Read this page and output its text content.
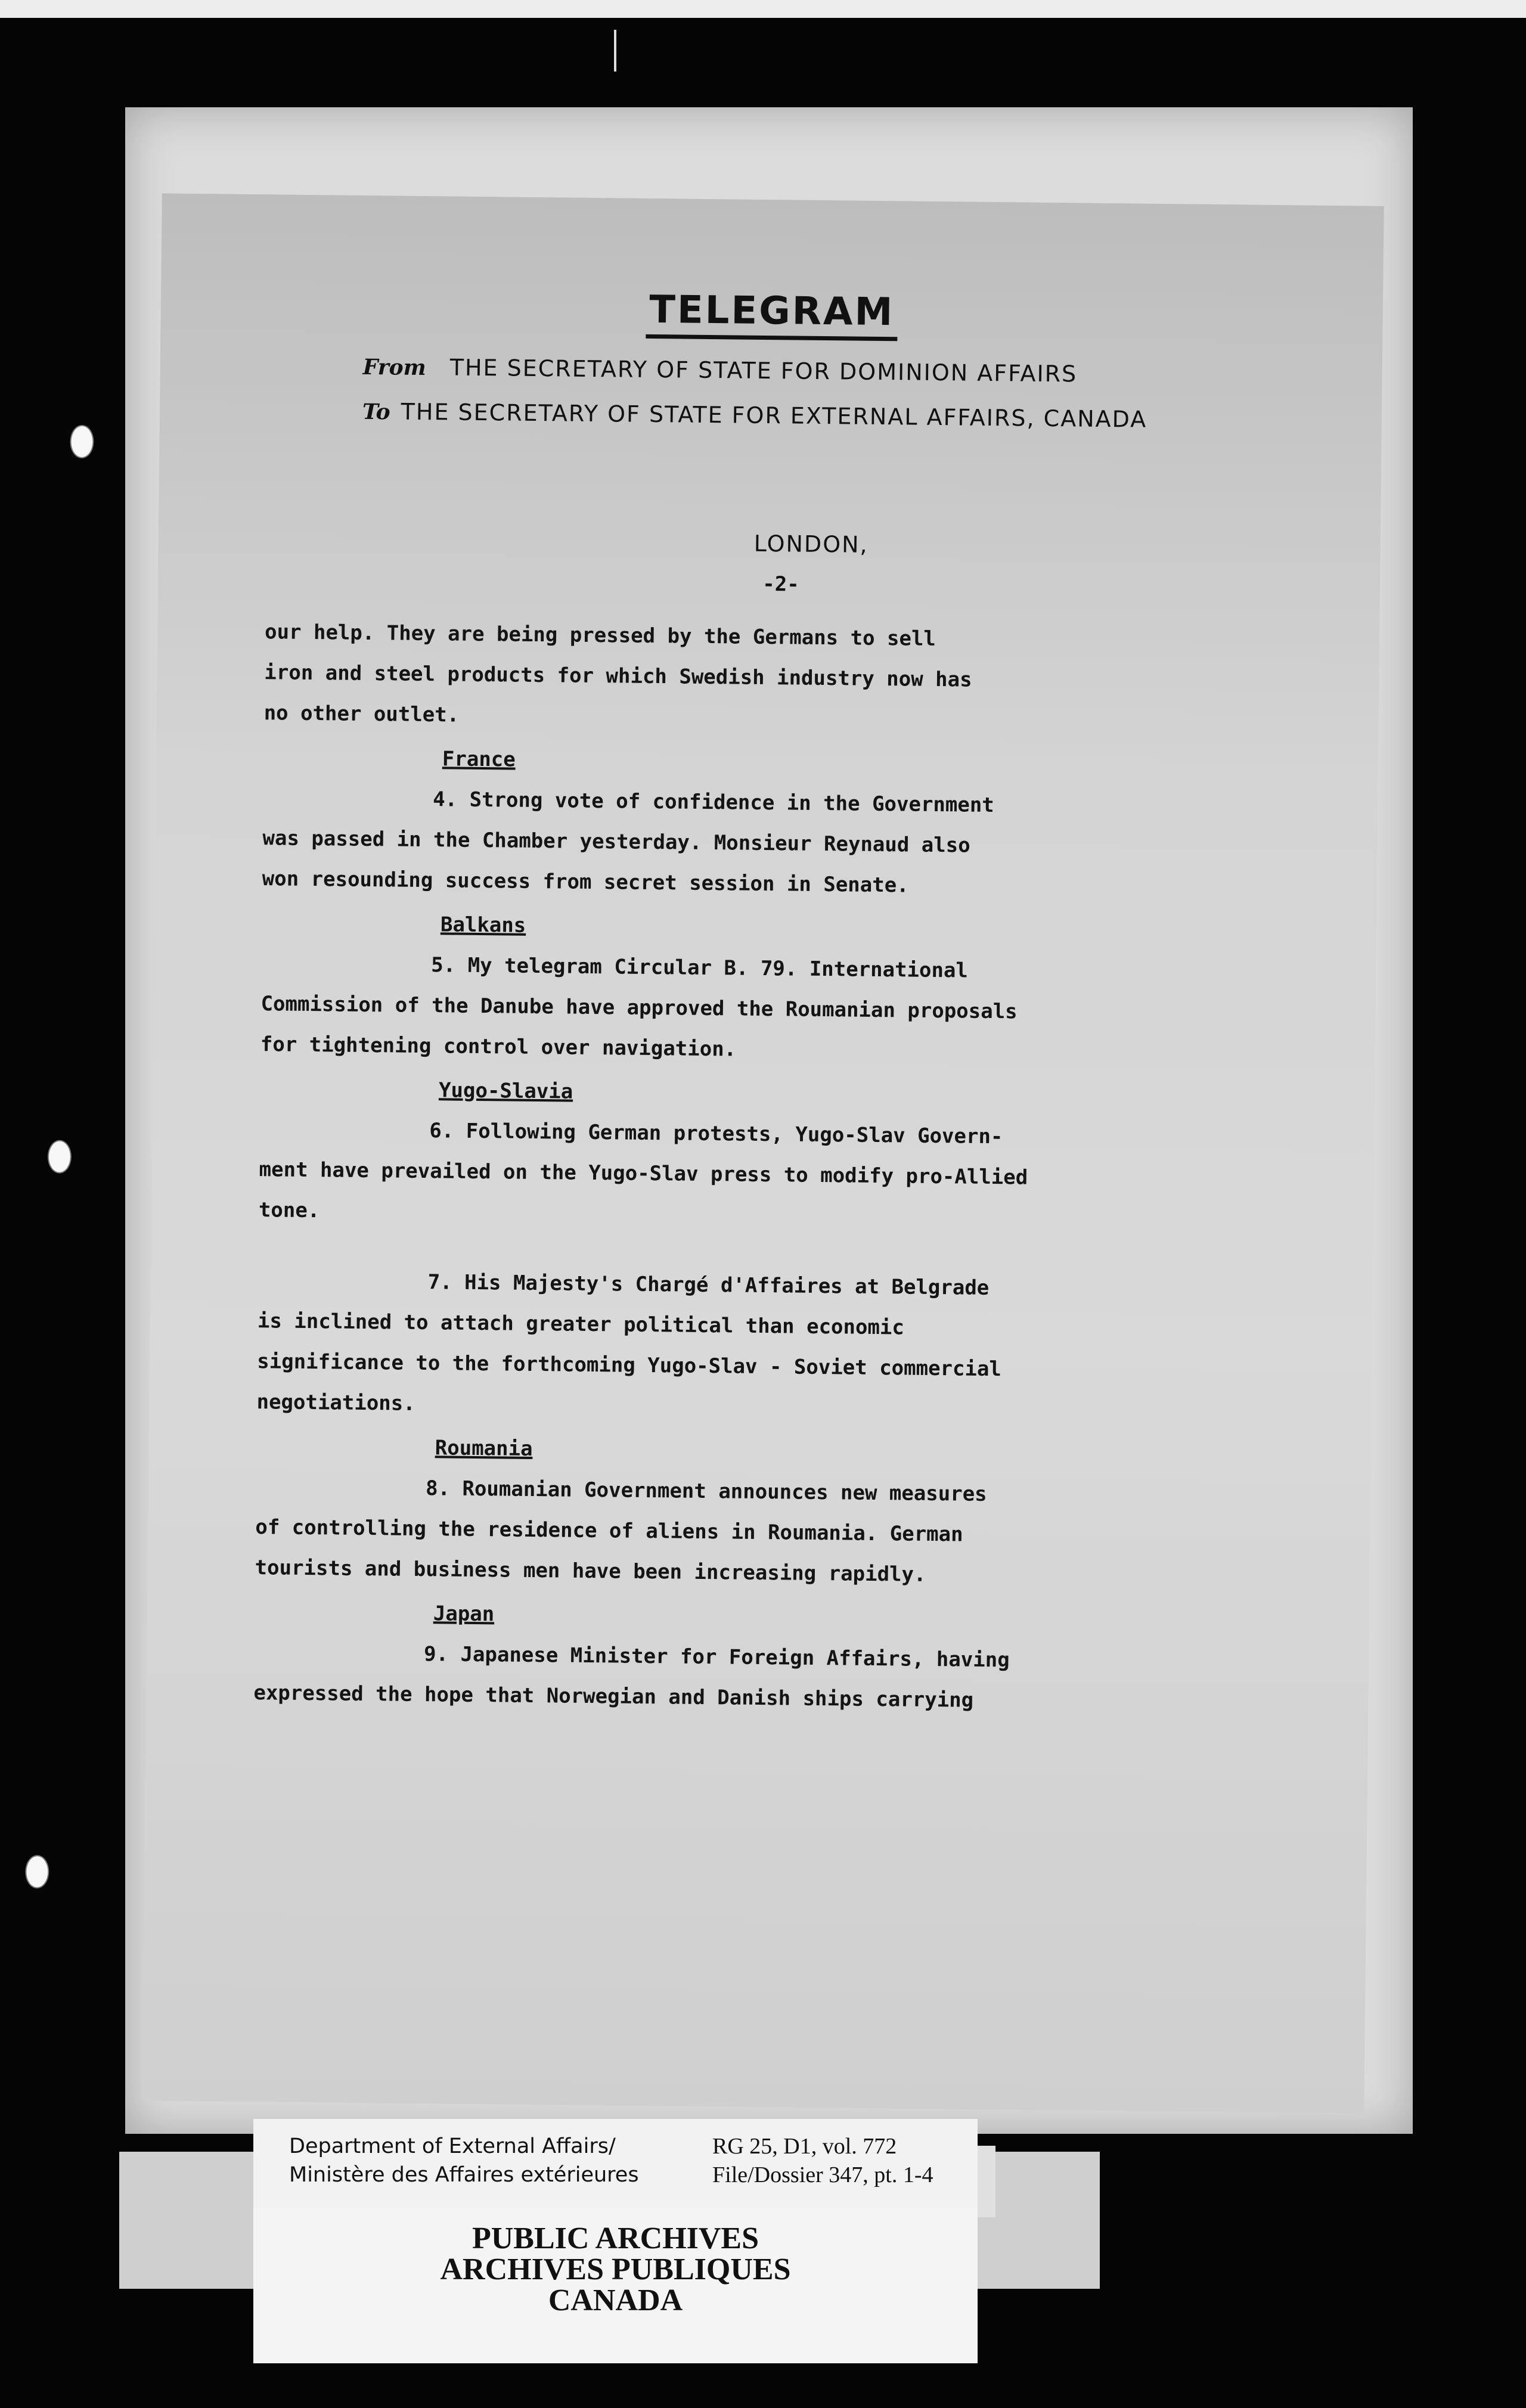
TELEGRAM
From THE SECRETARY OF STATE FOR DOMINION AFFAIRS
To THE SECRETARY OF STATE FOR EXTERNAL AFFAIRS, CANADA
LONDON,
-2-
our help. They are being pressed by the Germans to sell
iron and steel products for which Swedish industry now has
no other outlet.
France
4. Strong vote of confidence in the Government
was passed in the Chamber yesterday. Monsieur Reynaud also
won resounding success from secret session in Senate.
Balkans
5. My telegram Circular B. 79. International
Commission of the Danube have approved the Roumanian proposals
for tightening control over navigation.
Yugo-Slavia
6. Following German protests, Yugo-Slav Govern-
ment have prevailed on the Yugo-Slav press to modify pro-Allied
tone.
7. His Majesty's Chargé d'Affaires at Belgrade
is inclined to attach greater political than economic
significance to the forthcoming Yugo-Slav - Soviet commercial
negotiations.
Roumania
8. Roumanian Government announces new measures
of controlling the residence of aliens in Roumania. German
tourists and business men have been increasing rapidly.
Japan
9. Japanese Minister for Foreign Affairs, having
expressed the hope that Norwegian and Danish ships carrying
Department of External Affairs/
Ministère des Affaires extérieures
RG 25, D1, vol. 772
File/Dossier 347, pt. 1-4
PUBLIC ARCHIVES
ARCHIVES PUBLIQUES
CANADA
